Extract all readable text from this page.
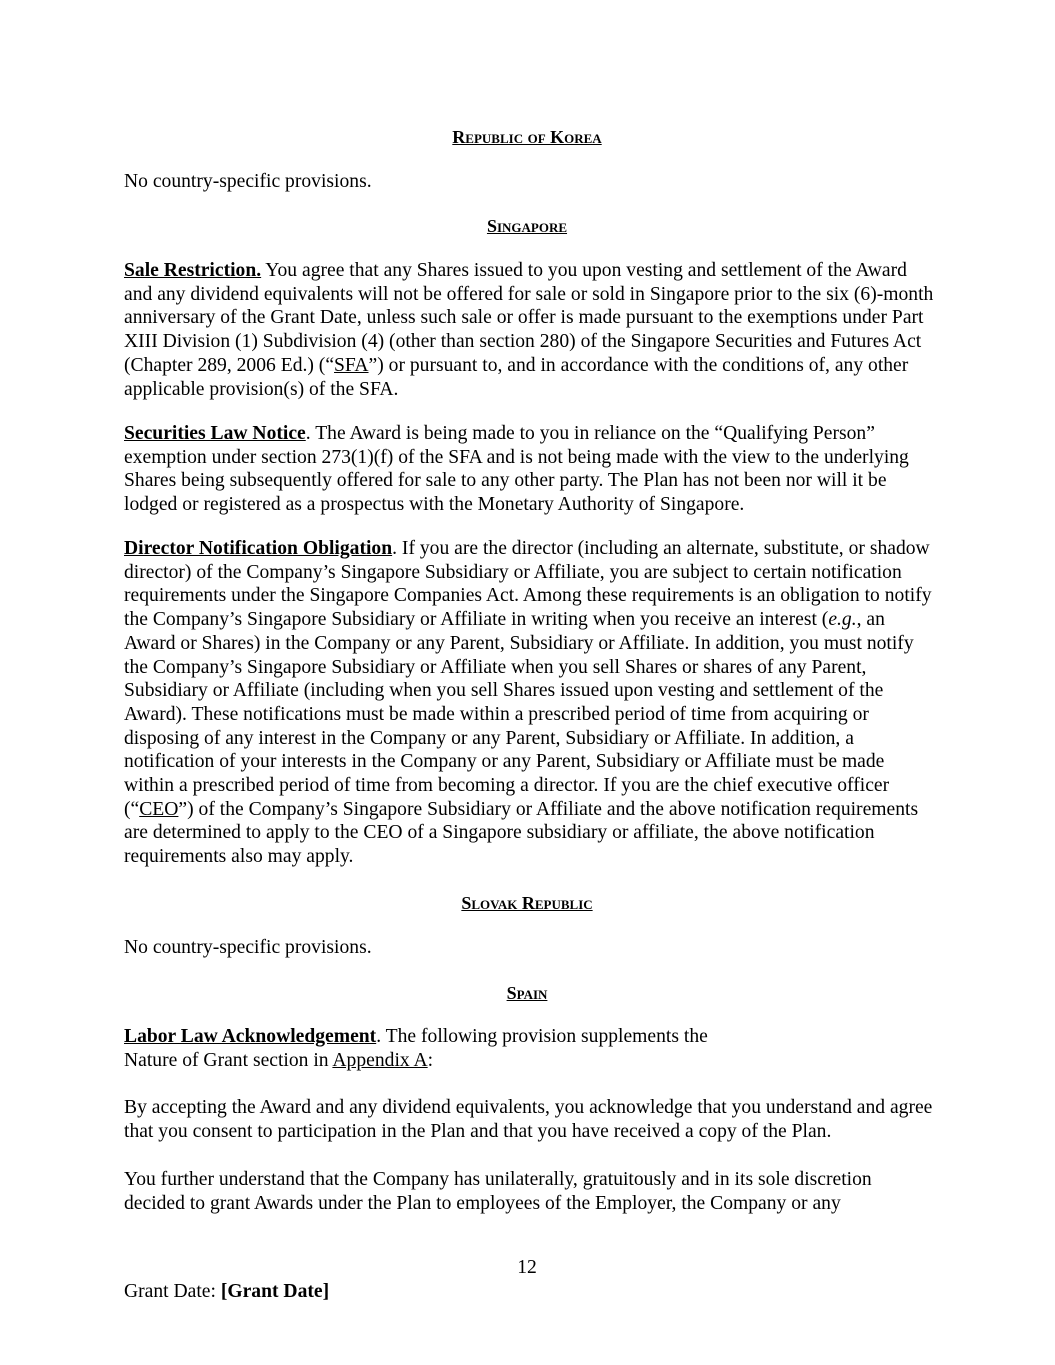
Republic of Korea

No country-specific provisions.

Singapore

Sale Restriction. You agree that any Shares issued to you upon vesting and settlement of the Award and any dividend equivalents will not be offered for sale or sold in Singapore prior to the six (6)-month anniversary of the Grant Date, unless such sale or offer is made pursuant to the exemptions under Part XIII Division (1) Subdivision (4) (other than section 280) of the Singapore Securities and Futures Act (Chapter 289, 2006 Ed.) (“SFA”) or pursuant to, and in accordance with the conditions of, any other applicable provision(s) of the SFA.

Securities Law Notice. The Award is being made to you in reliance on the “Qualifying Person” exemption under section 273(1)(f) of the SFA and is not being made with the view to the underlying Shares being subsequently offered for sale to any other party. The Plan has not been nor will it be lodged or registered as a prospectus with the Monetary Authority of Singapore.

Director Notification Obligation. If you are the director (including an alternate, substitute, or shadow director) of the Company’s Singapore Subsidiary or Affiliate, you are subject to certain notification requirements under the Singapore Companies Act. Among these requirements is an obligation to notify the Company’s Singapore Subsidiary or Affiliate in writing when you receive an interest (e.g., an Award or Shares) in the Company or any Parent, Subsidiary or Affiliate. In addition, you must notify the Company’s Singapore Subsidiary or Affiliate when you sell Shares or shares of any Parent, Subsidiary or Affiliate (including when you sell Shares issued upon vesting and settlement of the Award). These notifications must be made within a prescribed period of time from acquiring or disposing of any interest in the Company or any Parent, Subsidiary or Affiliate. In addition, a notification of your interests in the Company or any Parent, Subsidiary or Affiliate must be made within a prescribed period of time from becoming a director. If you are the chief executive officer (“CEO”) of the Company’s Singapore Subsidiary or Affiliate and the above notification requirements are determined to apply to the CEO of a Singapore subsidiary or affiliate, the above notification requirements also may apply.

Slovak Republic

No country-specific provisions.

Spain

Labor Law Acknowledgement. The following provision supplements the Nature of Grant section in Appendix A:

By accepting the Award and any dividend equivalents, you acknowledge that you understand and agree that you consent to participation in the Plan and that you have received a copy of the Plan.

You further understand that the Company has unilaterally, gratuitously and in its sole discretion decided to grant Awards under the Plan to employees of the Employer, the Company or any

12
Grant Date: [Grant Date]
